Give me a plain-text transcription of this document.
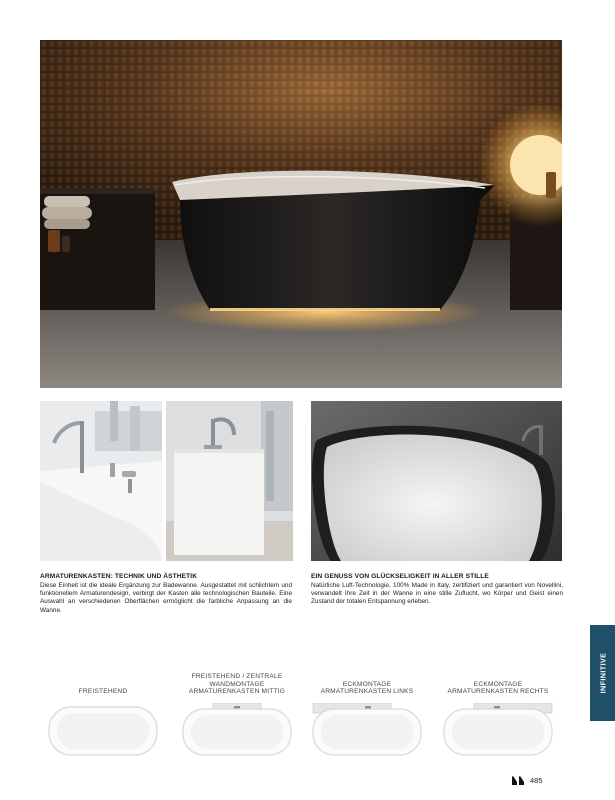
ARMATURENKASTEN: TECHNIK UND ÄSTHETIK

Diese Einheit ist die ideale Ergänzung zur Badewanne. Ausgestattet mit schlichtem und funktionellem Armaturendesign, verbirgt der Kasten alle technologischen Bauteile. Eine Auswahl an verschiedenen Oberflächen ermöglicht die farbliche Anpassung an die Wanne.

EIN GENUSS VON GLÜCKSELIGKEIT IN ALLER STILLE

Natürliche Luft-Technologie, 100% Made in Italy, zertifiziert und garantiert von Novellini, verwandelt Ihre Zeit in der Wanne in eine stille Zuflucht, wo Körper und Geist einen Zustand der totalen Entspannung erleben.

INFINITIVE
FREISTEHEND
FREISTEHEND / ZENTRALE WANDMONTAGE ARMATURENKASTEN MITTIG
ECKMONTAGE ARMATURENKASTEN LINKS
ECKMONTAGE ARMATURENKASTEN RECHTS
485
